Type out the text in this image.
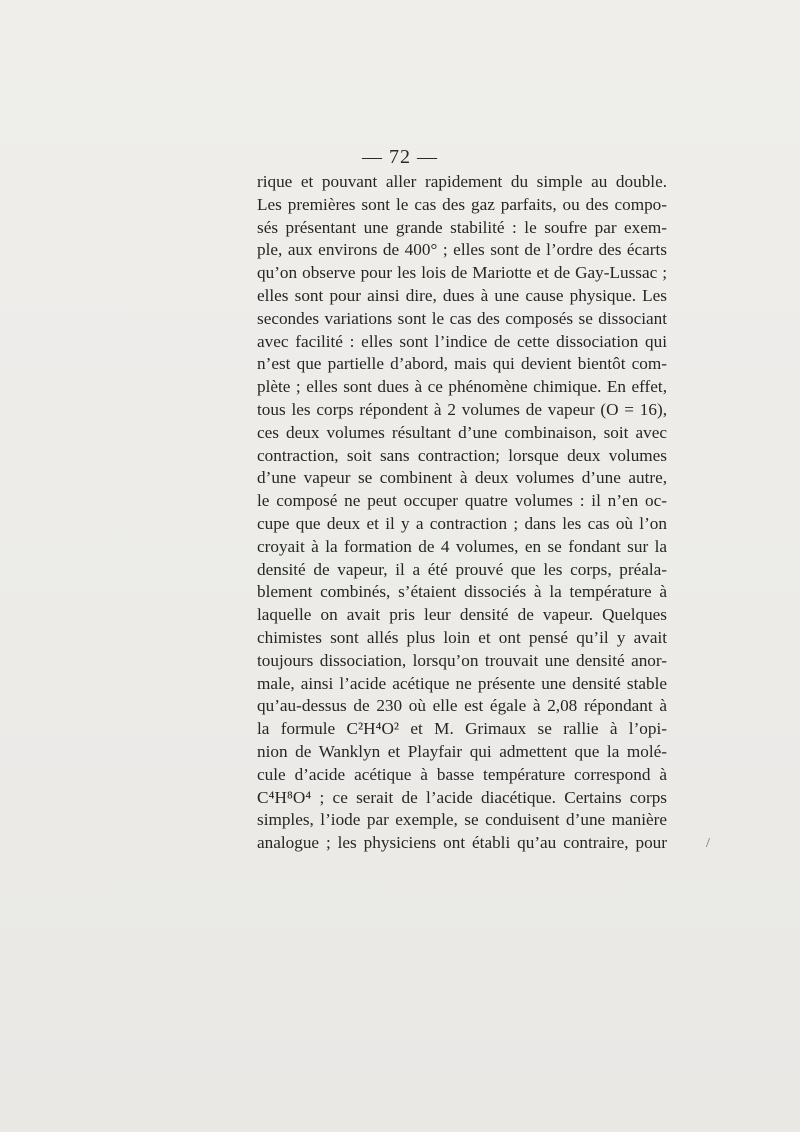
— 72 —
rique et pouvant aller rapidement du simple au double.
Les premières sont le cas des gaz parfaits, ou des compo-
sés présentant une grande stabilité : le soufre par exem-
ple, aux environs de 400° ; elles sont de l’ordre des écarts
qu’on observe pour les lois de Mariotte et de Gay-Lussac ;
elles sont pour ainsi dire, dues à une cause physique. Les
secondes variations sont le cas des composés se dissociant
avec facilité : elles sont l’indice de cette dissociation qui
n’est que partielle d’abord, mais qui devient bientôt com-
plète ; elles sont dues à ce phénomène chimique. En effet,
tous les corps répondent à 2 volumes de vapeur (O = 16),
ces deux volumes résultant d’une combinaison, soit avec
contraction, soit sans contraction; lorsque deux volumes
d’une vapeur se combinent à deux volumes d’une autre,
le composé ne peut occuper quatre volumes : il n’en oc-
cupe que deux et il y a contraction ; dans les cas où l’on
croyait à la formation de 4 volumes, en se fondant sur la
densité de vapeur, il a été prouvé que les corps, préala-
blement combinés, s’étaient dissociés à la température à
laquelle on avait pris leur densité de vapeur. Quelques
chimistes sont allés plus loin et ont pensé qu’il y avait
toujours dissociation, lorsqu’on trouvait une densité anor-
male, ainsi l’acide acétique ne présente une densité stable
qu’au-dessus de 230 où elle est égale à 2,08 répondant à
la formule C²H⁴O² et M. Grimaux se rallie à l’opi-
nion de Wanklyn et Playfair qui admettent que la molé-
cule d’acide acétique à basse température correspond à
C⁴H⁸O⁴ ; ce serait de l’acide diacétique. Certains corps
simples, l’iode par exemple, se conduisent d’une manière
analogue ; les physiciens ont établi qu’au contraire, pour	/
